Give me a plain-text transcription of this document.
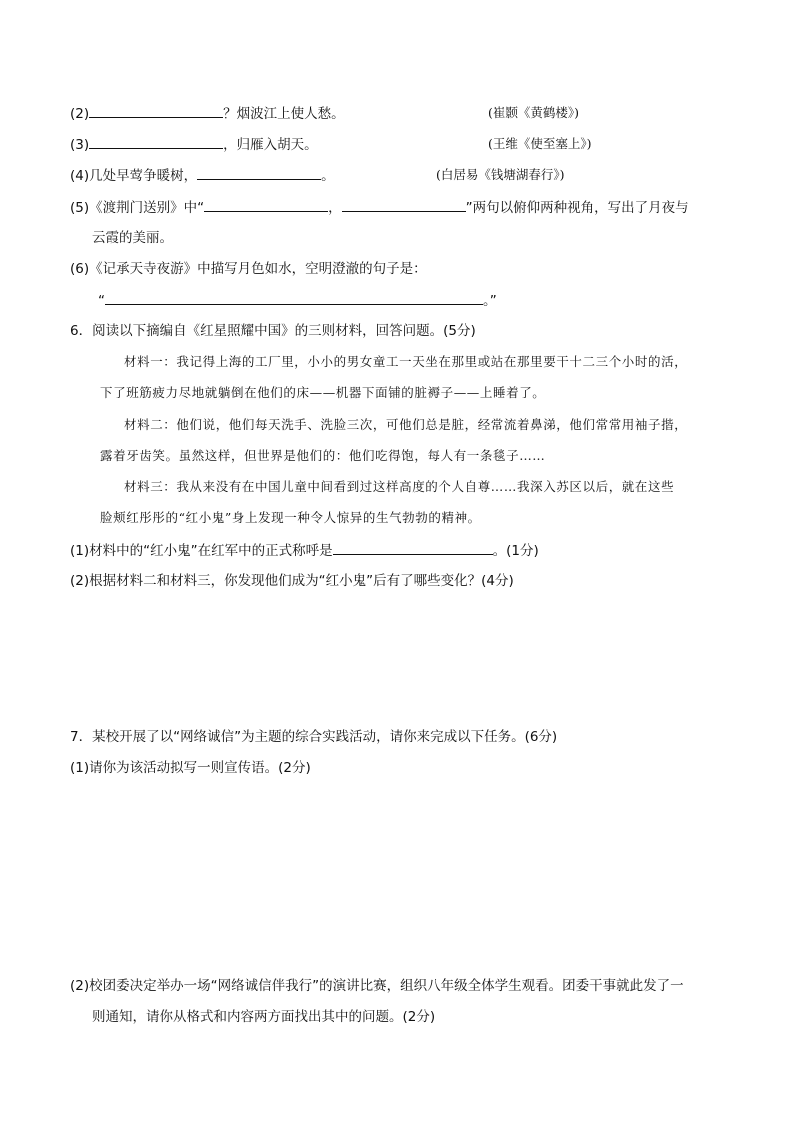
(2)	？烟波江上使人愁。	(崔颢《黄鹤楼》)
(3)	，归雁入胡天。	(王维《使至塞上》)
(4)几处早莺争暖树，	。	(白居易《钱塘湖春行》)
(5)《渡荆门送别》中“	，	”两句以俯仰两种视角，写出了月夜与
云霞的美丽。
(6)《记承天寺夜游》中描写月色如水，空明澄澈的句子是：
“	。”
6．阅读以下摘编自《红星照耀中国》的三则材料，回答问题。(5分)
材料一：我记得上海的工厂里，小小的男女童工一天坐在那里或站在那里要干十二三个小时的活，
下了班筋疲力尽地就躺倒在他们的床——机器下面铺的脏褥子——上睡着了。
材料二：他们说，他们每天洗手、洗脸三次，可他们总是脏，经常流着鼻涕，他们常常用袖子揩，
露着牙齿笑。虽然这样，但世界是他们的：他们吃得饱，每人有一条毯子……
材料三：我从来没有在中国儿童中间看到过这样高度的个人自尊……我深入苏区以后，就在这些
脸颊红彤彤的“红小鬼”身上发现一种令人惊异的生气勃勃的精神。
(1)材料中的“红小鬼”在红军中的正式称呼是	。(1分)
(2)根据材料二和材料三，你发现他们成为“红小鬼”后有了哪些变化？(4分)
7．某校开展了以“网络诚信”为主题的综合实践活动，请你来完成以下任务。(6分)
(1)请你为该活动拟写一则宣传语。(2分)
(2)校团委决定举办一场“网络诚信伴我行”的演讲比赛，组织八年级全体学生观看。团委干事就此发了一
则通知，请你从格式和内容两方面找出其中的问题。(2分)
